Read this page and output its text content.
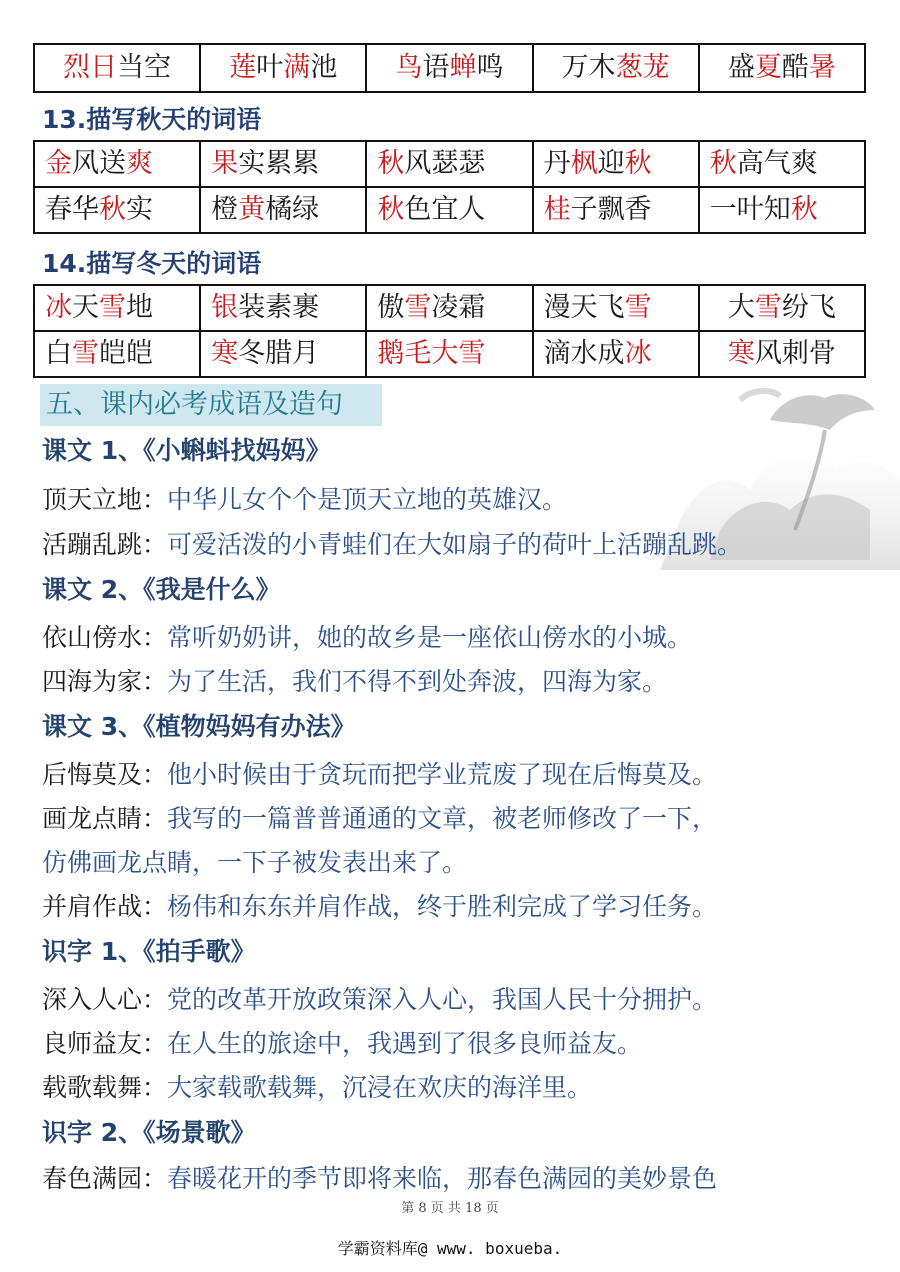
烈日当空	莲叶满池	鸟语蝉鸣	万木葱茏	盛夏酷暑
13.描写秋天的词语
金风送爽	果实累累	秋风瑟瑟	丹枫迎秋	秋高气爽
春华秋实	橙黄橘绿	秋色宜人	桂子飘香	一叶知秋
14.描写冬天的词语
冰天雪地	银装素裹	傲雪凌霜	漫天飞雪	大雪纷飞
白雪皑皑	寒冬腊月	鹅毛大雪	滴水成冰	寒风刺骨
五、课内必考成语及造句
课文 1、《小蝌蚪找妈妈》
顶天立地：中华儿女个个是顶天立地的英雄汉。
活蹦乱跳：可爱活泼的小青蛙们在大如扇子的荷叶上活蹦乱跳。
课文 2、《我是什么》
依山傍水：常听奶奶讲，她的故乡是一座依山傍水的小城。
四海为家：为了生活，我们不得不到处奔波，四海为家。
课文 3、《植物妈妈有办法》
后悔莫及：他小时候由于贪玩而把学业荒废了现在后悔莫及。
画龙点睛：我写的一篇普普通通的文章，被老师修改了一下，
仿佛画龙点睛，一下子被发表出来了。
并肩作战：杨伟和东东并肩作战，终于胜利完成了学习任务。
识字 1、《拍手歌》
深入人心：党的改革开放政策深入人心，我国人民十分拥护。
良师益友：在人生的旅途中，我遇到了很多良师益友。
载歌载舞：大家载歌载舞，沉浸在欢庆的海洋里。
识字 2、《场景歌》
春色满园：春暖花开的季节即将来临，那春色满园的美妙景色
第 8 页 共 18 页
学霸资料库@ www. boxueba.
